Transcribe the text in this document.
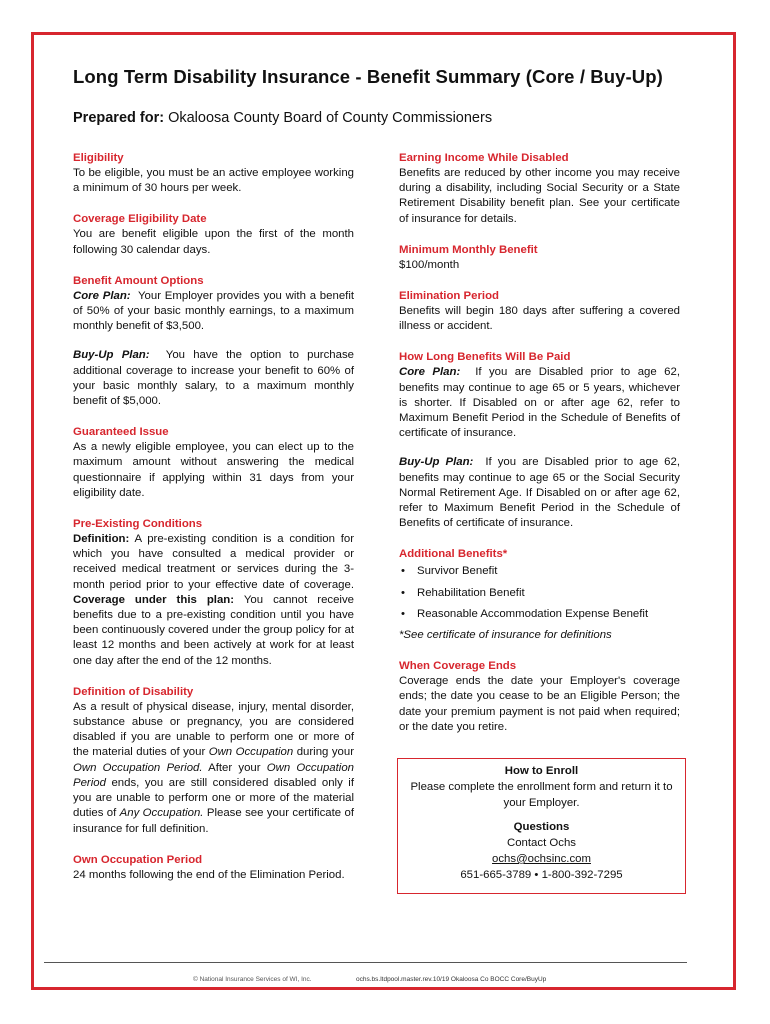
Long Term Disability Insurance - Benefit Summary (Core / Buy-Up)
Prepared for: Okaloosa County Board of County Commissioners
Eligibility
To be eligible, you must be an active employee working a minimum of 30 hours per week.
Coverage Eligibility Date
You are benefit eligible upon the first of the month following 30 calendar days.
Benefit Amount Options
Core Plan: Your Employer provides you with a benefit of 50% of your basic monthly earnings, to a maximum monthly benefit of $3,500.
Buy-Up Plan: You have the option to purchase additional coverage to increase your benefit to 60% of your basic monthly salary, to a maximum monthly benefit of $5,000.
Guaranteed Issue
As a newly eligible employee, you can elect up to the maximum amount without answering the medical questionnaire if applying within 31 days from your eligibility date.
Pre-Existing Conditions
Definition: A pre-existing condition is a condition for which you have consulted a medical provider or received medical treatment or services during the 3-month period prior to your effective date of coverage. Coverage under this plan: You cannot receive benefits due to a pre-existing condition until you have been continuously covered under the group policy for at least 12 months and been actively at work for at least one day after the end of the 12 months.
Definition of Disability
As a result of physical disease, injury, mental disorder, substance abuse or pregnancy, you are considered disabled if you are unable to perform one or more of the material duties of your Own Occupation during your Own Occupation Period. After your Own Occupation Period ends, you are still considered disabled only if you are unable to perform one or more of the material duties of Any Occupation. Please see your certificate of insurance for full definition.
Own Occupation Period
24 months following the end of the Elimination Period.
Earning Income While Disabled
Benefits are reduced by other income you may receive during a disability, including Social Security or a State Retirement Disability benefit plan. See your certificate of insurance for details.
Minimum Monthly Benefit
$100/month
Elimination Period
Benefits will begin 180 days after suffering a covered illness or accident.
How Long Benefits Will Be Paid
Core Plan: If you are Disabled prior to age 62, benefits may continue to age 65 or 5 years, whichever is shorter. If Disabled on or after age 62, refer to Maximum Benefit Period in the Schedule of Benefits of certificate of insurance.
Buy-Up Plan: If you are Disabled prior to age 62, benefits may continue to age 65 or the Social Security Normal Retirement Age. If Disabled on or after age 62, refer to Maximum Benefit Period in the Schedule of Benefits of certificate of insurance.
Additional Benefits*
• Survivor Benefit
• Rehabilitation Benefit
• Reasonable Accommodation Expense Benefit
*See certificate of insurance for definitions
When Coverage Ends
Coverage ends the date your Employer's coverage ends; the date you cease to be an Eligible Person; the date your premium payment is not paid when required; or the date you retire.
How to Enroll
Please complete the enrollment form and return it to your Employer.
Questions
Contact Ochs
ochs@ochsinc.com
651-665-3789 • 1-800-392-7295
© National Insurance Services of WI, Inc.	ochs.bs.ltdpool.master.rev.10/19 Okaloosa Co BOCC Core/BuyUp
